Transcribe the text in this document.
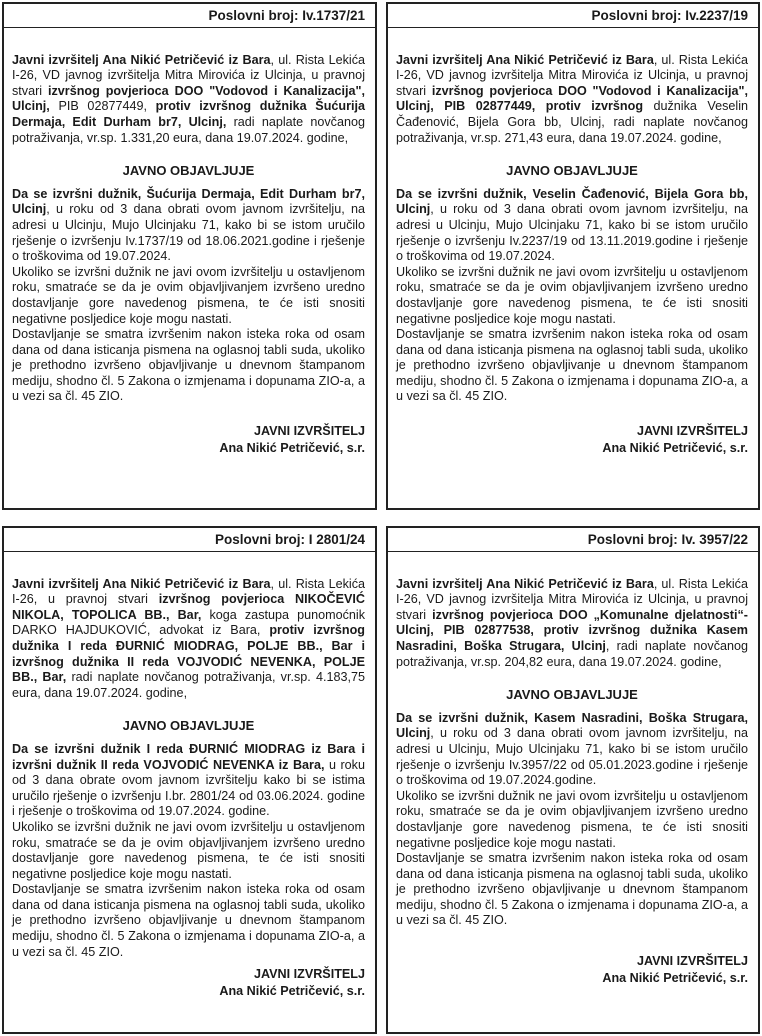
Poslovni broj: Iv.1737/21

Javni izvršitelj Ana Nikić Petričević iz Bara, ul. Rista Lekića I-26, VD javnog izvršitelja Mitra Mirovića iz Ulcinja, u pravnoj stvari izvršnog povjerioca DOO "Vodovod i Kanalizacija", Ulcinj, PIB 02877449, protiv izvršnog dužnika Šućurija Dermaja, Edit Durham br7, Ulcinj, radi naplate novčanog potraživanja, vr.sp. 1.331,20 eura, dana 19.07.2024. godine,

JAVNO OBJAVLJUJE

Da se izvršni dužnik, Šućurija Dermaja, Edit Durham br7, Ulcinj, u roku od 3 dana obrati ovom javnom izvršitelju, na adresi u Ulcinju, Mujo Ulcinjaku 71, kako bi se istom uručilo rješenje o izvršenju Iv.1737/19 od 18.06.2021.godine i rješenje o troškovima od 19.07.2024.

Ukoliko se izvršni dužnik ne javi ovom izvršitelju u ostavljenom roku, smatraće se da je ovim objavljivanjem izvršeno uredno dostavljanje gore navedenog pismena, te će isti snositi negativne posljedice koje mogu nastati.

Dostavljanje se smatra izvršenim nakon isteka roka od osam dana od dana isticanja pismena na oglasnoj tabli suda, ukoliko je prethodno izvršeno objavljivanje u dnevnom štampanom mediju, shodno čl. 5 Zakona o izmjenama i dopunama ZIO-a, a u vezi sa čl. 45 ZIO.

JAVNI IZVRŠITELJ
Ana Nikić Petričević, s.r.
Poslovni broj: Iv.2237/19

Javni izvršitelj Ana Nikić Petričević iz Bara, ul. Rista Lekića I-26, VD javnog izvršitelja Mitra Mirovića iz Ulcinja, u pravnoj stvari izvršnog povjerioca DOO "Vodovod i Kanalizacija", Ulcinj, PIB 02877449, protiv izvršnog dužnika Veselin Čađenović, Bijela Gora bb, Ulcinj, radi naplate novčanog potraživanja, vr.sp. 271,43 eura, dana 19.07.2024. godine,

JAVNO OBJAVLJUJE

Da se izvršni dužnik, Veselin Čađenović, Bijela Gora bb, Ulcinj, u roku od 3 dana obrati ovom javnom izvršitelju, na adresi u Ulcinju, Mujo Ulcinjaku 71, kako bi se istom uručilo rješenje o izvršenju Iv.2237/19 od 13.11.2019.godine i rješenje o troškovima od 19.07.2024.

Ukoliko se izvršni dužnik ne javi ovom izvršitelju u ostavljenom roku, smatraće se da je ovim objavljivanjem izvršeno uredno dostavljanje gore navedenog pismena, te će isti snositi negativne posljedice koje mogu nastati.

Dostavljanje se smatra izvršenim nakon isteka roka od osam dana od dana isticanja pismena na oglasnoj tabli suda, ukoliko je prethodno izvršeno objavljivanje u dnevnom štampanom mediju, shodno čl. 5 Zakona o izmjenama i dopunama ZIO-a, a u vezi sa čl. 45 ZIO.

JAVNI IZVRŠITELJ
Ana Nikić Petričević, s.r.
Poslovni broj: I 2801/24

Javni izvršitelj Ana Nikić Petričević iz Bara, ul. Rista Lekića I-26, u pravnoj stvari izvršnog povjerioca NIKOČEVIĆ NIKOLA, TOPOLICA BB., Bar, koga zastupa punomoćnik DARKO HAJDUKOVIĆ, advokat iz Bara, protiv izvršnog dužnika I reda ĐURNIĆ MIODRAG, POLJE BB., Bar i izvršnog dužnika II reda VOJVODIĆ NEVENKA, POLJE BB., Bar, radi naplate novčanog potraživanja, vr.sp. 4.183,75 eura, dana 19.07.2024. godine,

JAVNO OBJAVLJUJE

Da se izvršni dužnik I reda ĐURNIĆ MIODRAG iz Bara i izvršni dužnik II reda VOJVODIĆ NEVENKA iz Bara, u roku od 3 dana obrate ovom javnom izvršitelju kako bi se istima uručilo rješenje o izvršenju I.br. 2801/24 od 03.06.2024. godine i rješenje o troškovima od 19.07.2024. godine.

Ukoliko se izvršni dužnik ne javi ovom izvršitelju u ostavljenom roku, smatraće se da je ovim objavljivanjem izvršeno uredno dostavljanje gore navedenog pismena, te će isti snositi negativne posljedice koje mogu nastati.

Dostavljanje se smatra izvršenim nakon isteka roka od osam dana od dana isticanja pismena na oglasnoj tabli suda, ukoliko je prethodno izvršeno objavljivanje u dnevnom štampanom mediju, shodno čl. 5 Zakona o izmjenama i dopunama ZIO-a, a u vezi sa čl. 45 ZIO.

JAVNI IZVRŠITELJ
Ana Nikić Petričević, s.r.
Poslovni broj: Iv. 3957/22

Javni izvršitelj Ana Nikić Petričević iz Bara, ul. Rista Lekića I-26, VD javnog izvršitelja Mitra Mirovića iz Ulcinja, u pravnoj stvari izvršnog povjerioca DOO „Komunalne djelatnosti“- Ulcinj, PIB 02877538, protiv izvršnog dužnika Kasem Nasradini, Boška Strugara, Ulcinj, radi naplate novčanog potraživanja, vr.sp. 204,82 eura, dana 19.07.2024. godine,

JAVNO OBJAVLJUJE

Da se izvršni dužnik, Kasem Nasradini, Boška Strugara, Ulcinj, u roku od 3 dana obrati ovom javnom izvršitelju, na adresi u Ulcinju, Mujo Ulcinjaku 71, kako bi se istom uručilo rješenje o izvršenju Iv.3957/22 od 05.01.2023.godine i rješenje o troškovima od 19.07.2024.godine.

Ukoliko se izvršni dužnik ne javi ovom izvršitelju u ostavljenom roku, smatraće se da je ovim objavljivanjem izvršeno uredno dostavljanje gore navedenog pismena, te će isti snositi negativne posljedice koje mogu nastati.

Dostavljanje se smatra izvršenim nakon isteka roka od osam dana od dana isticanja pismena na oglasnoj tabli suda, ukoliko je prethodno izvršeno objavljivanje u dnevnom štampanom mediju, shodno čl. 5 Zakona o izmjenama i dopunama ZIO-a, a u vezi sa čl. 45 ZIO.

JAVNI IZVRŠITELJ
Ana Nikić Petričević, s.r.
